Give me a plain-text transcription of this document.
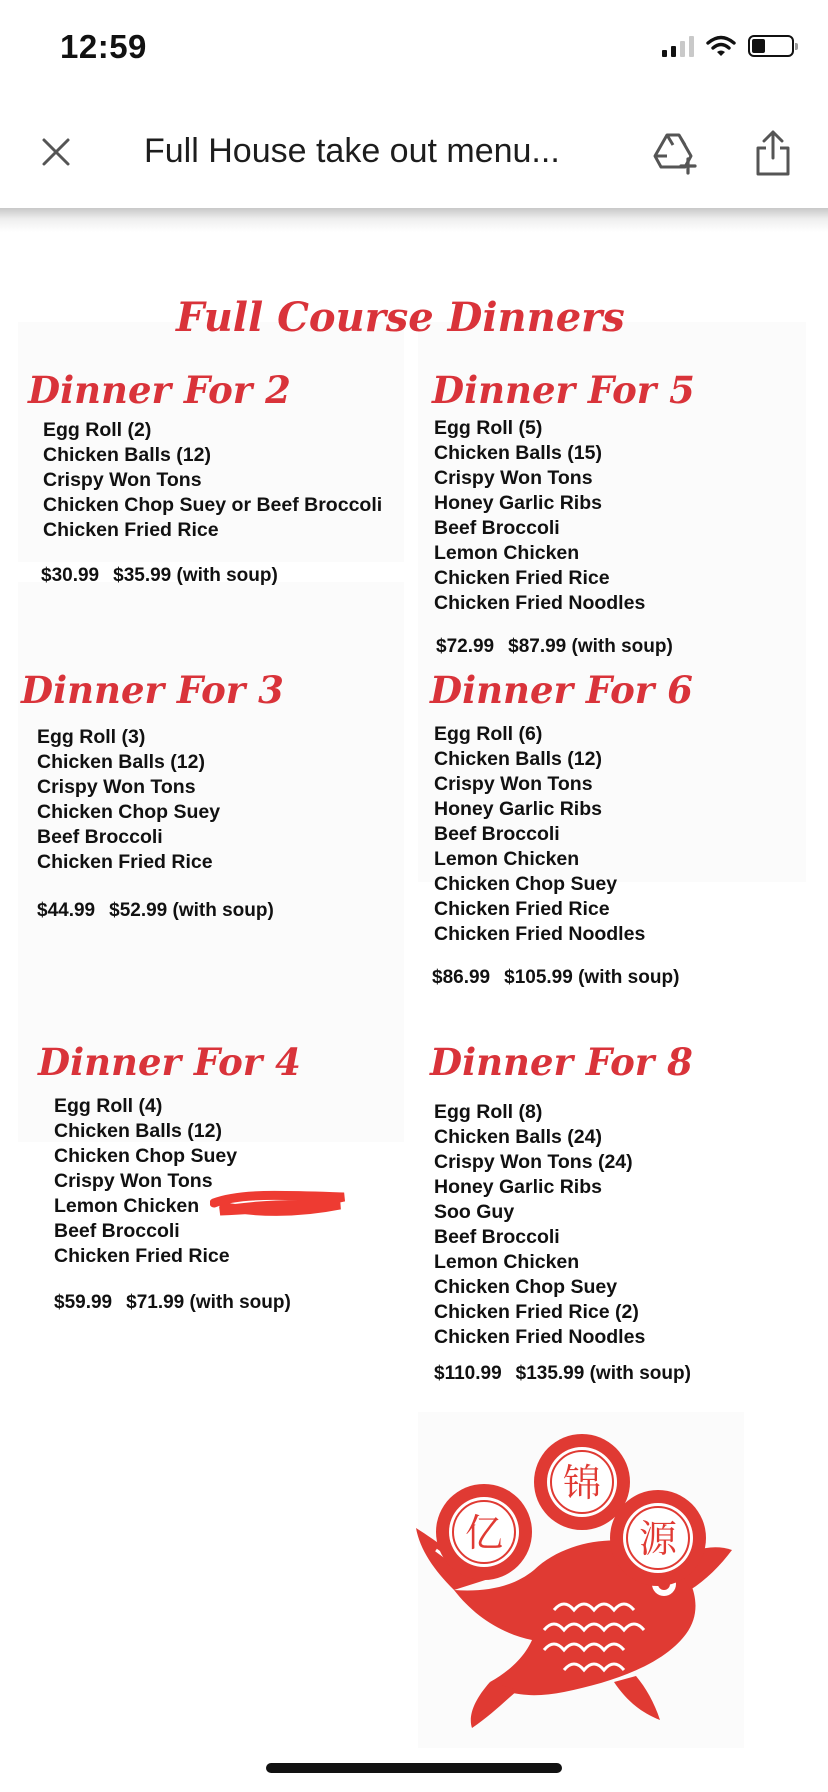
12:59
Full House take out menu...
Full Course Dinners
Dinner For 2
Egg Roll (2)
Chicken Balls (12)
Crispy Won Tons
Chicken Chop Suey or Beef Broccoli
Chicken Fried Rice
$30.99 $35.99 (with soup)
Dinner For 5
Egg Roll (5)
Chicken Balls (15)
Crispy Won Tons
Honey Garlic Ribs
Beef Broccoli
Lemon Chicken
Chicken Fried Rice
Chicken Fried Noodles
$72.99 $87.99 (with soup)
Dinner For 3
Egg Roll (3)
Chicken Balls (12)
Crispy Won Tons
Chicken Chop Suey
Beef Broccoli
Chicken Fried Rice
$44.99 $52.99 (with soup)
Dinner For 6
Egg Roll (6)
Chicken Balls (12)
Crispy Won Tons
Honey Garlic Ribs
Beef Broccoli
Lemon Chicken
Chicken Chop Suey
Chicken Fried Rice
Chicken Fried Noodles
$86.99 $105.99 (with soup)
Dinner For 4
Egg Roll (4)
Chicken Balls (12)
Chicken Chop Suey
Crispy Won Tons
Lemon Chicken
Beef Broccoli
Chicken Fried Rice
$59.99 $71.99 (with soup)
Dinner For 8
Egg Roll (8)
Chicken Balls (24)
Crispy Won Tons (24)
Honey Garlic Ribs
Soo Guy
Beef Broccoli
Lemon Chicken
Chicken Chop Suey
Chicken Fried Rice (2)
Chicken Fried Noodles
$110.99 $135.99 (with soup)
亿
锦
源
